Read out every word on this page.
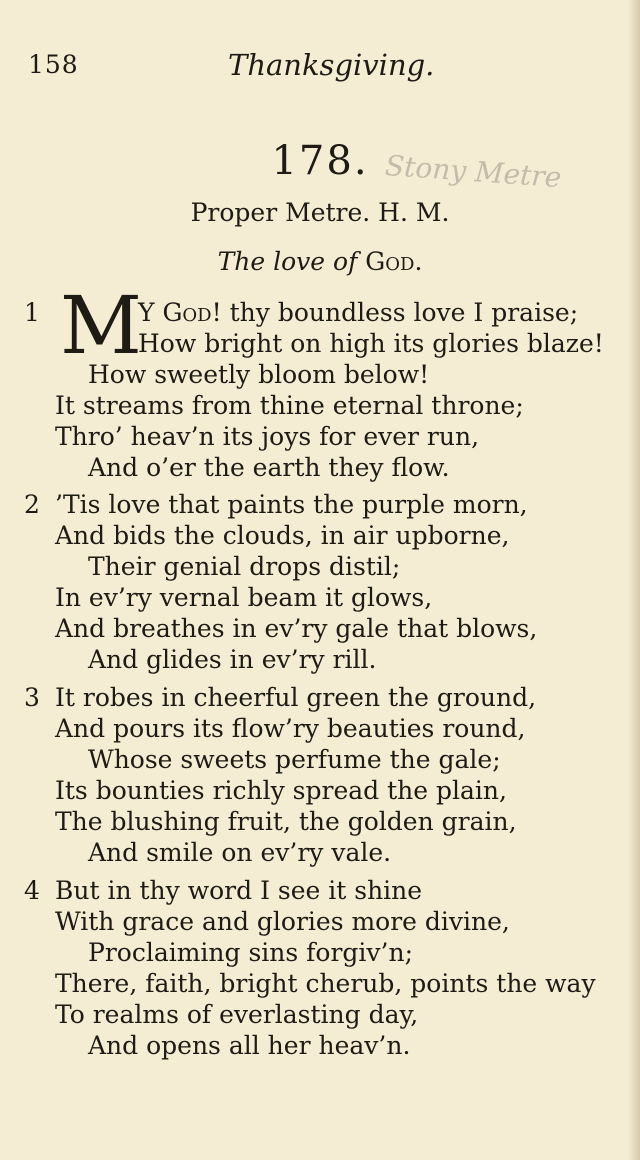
158	Thanksgiving.
178. Stony Metre
Proper Metre. H. M.
The love of God.
1 M
Y God! thy boundless love I praise;
How bright on high its glories blaze!
How sweetly bloom below!
It streams from thine eternal throne;
Thro’ heav’n its joys for ever run,
And o’er the earth they flow.
2 ’Tis love that paints the purple morn,
And bids the clouds, in air upborne,
Their genial drops distil;
In ev’ry vernal beam it glows,
And breathes in ev’ry gale that blows,
And glides in ev’ry rill.
3 It robes in cheerful green the ground,
And pours its flow’ry beauties round,
Whose sweets perfume the gale;
Its bounties richly spread the plain,
The blushing fruit, the golden grain,
And smile on ev’ry vale.
4 But in thy word I see it shine
With grace and glories more divine,
Proclaiming sins forgiv’n;
There, faith, bright cherub, points the way
To realms of everlasting day,
And opens all her heav’n.
